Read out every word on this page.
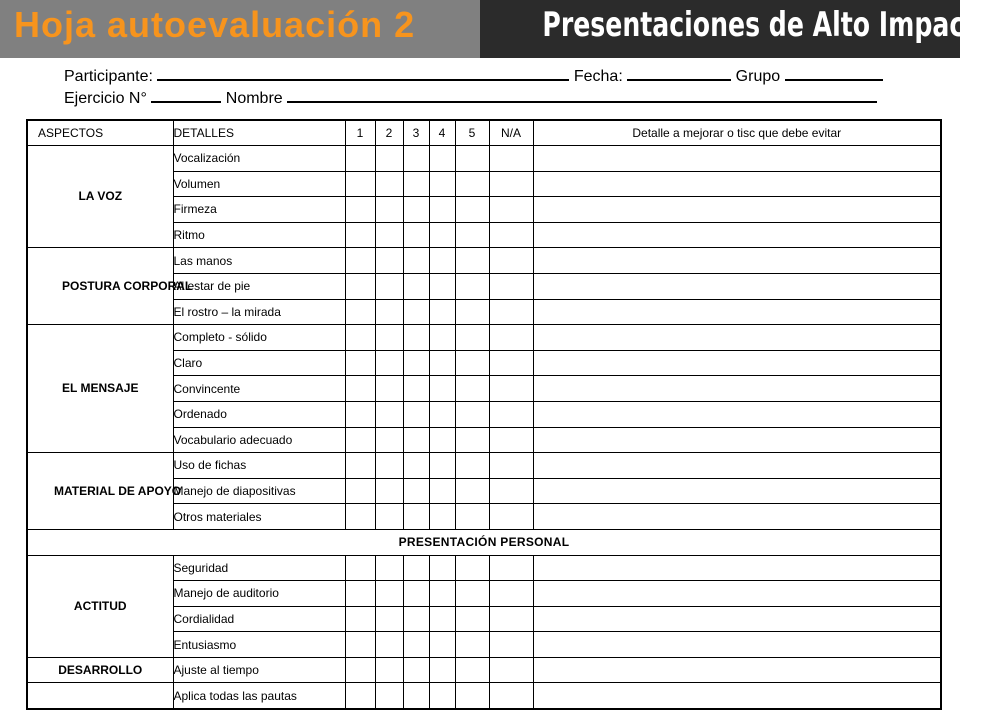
Hoja autoevaluación 2	Presentaciones de Alto Impacto
Participante:	Fecha:	Grupo
Ejercicio N°	Nombre
ASPECTOS	DETALLES	1	2	3	4	5	N/A	Detalle a mejorar o tisc que debe evitar
LA VOZ	Vocalización							
	Volumen							
	Firmeza							
	Ritmo							
POSTURA CORPORAL	Las manos							
	Al estar de pie							
	El rostro – la mirada							
EL MENSAJE	Completo - sólido							
	Claro							
	Convincente							
	Ordenado							
	Vocabulario adecuado							
MATERIAL DE APOYO	Uso de fichas							
	Manejo de diapositivas							
	Otros materiales							
PRESENTACIÓN PERSONAL								
ACTITUD	Seguridad							
	Manejo de auditorio							
	Cordialidad							
	Entusiasmo							
DESARROLLO	Ajuste al tiempo							
	Aplica todas las pautas							
